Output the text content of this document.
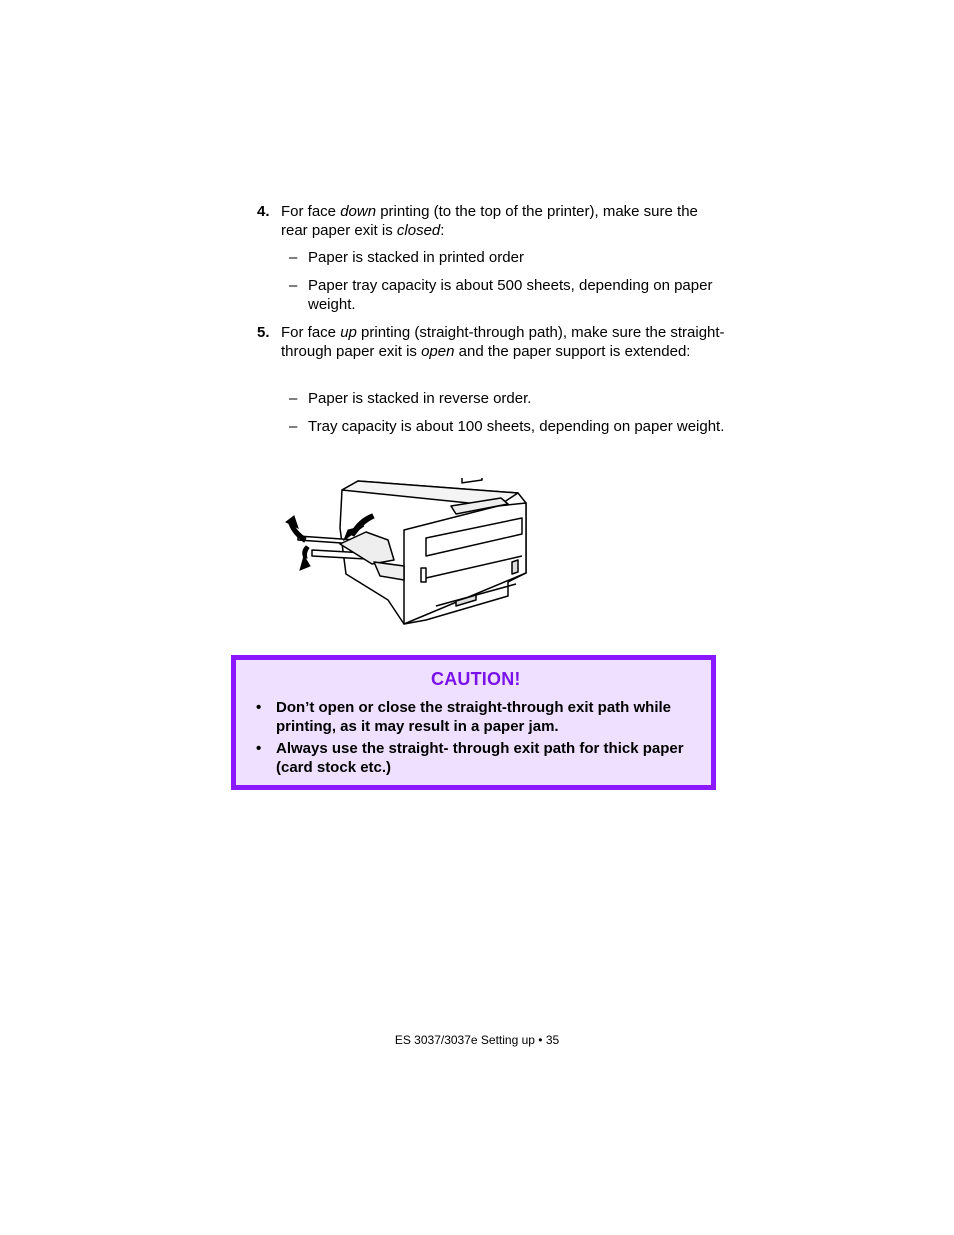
4. For face down printing (to the top of the printer), make sure the rear paper exit is closed:
– Paper is stacked in printed order
– Paper tray capacity is about 500 sheets, depending on paper weight.
5. For face up printing (straight-through path), make sure the straight-through paper exit is open and the paper support is extended:
– Paper is stacked in reverse order.
– Tray capacity is about 100 sheets, depending on paper weight.
CAUTION!
• Don’t open or close the straight-through exit path while printing, as it may result in a paper jam.
• Always use the straight- through exit path for thick paper (card stock etc.)
ES 3037/3037e Setting up • 35
